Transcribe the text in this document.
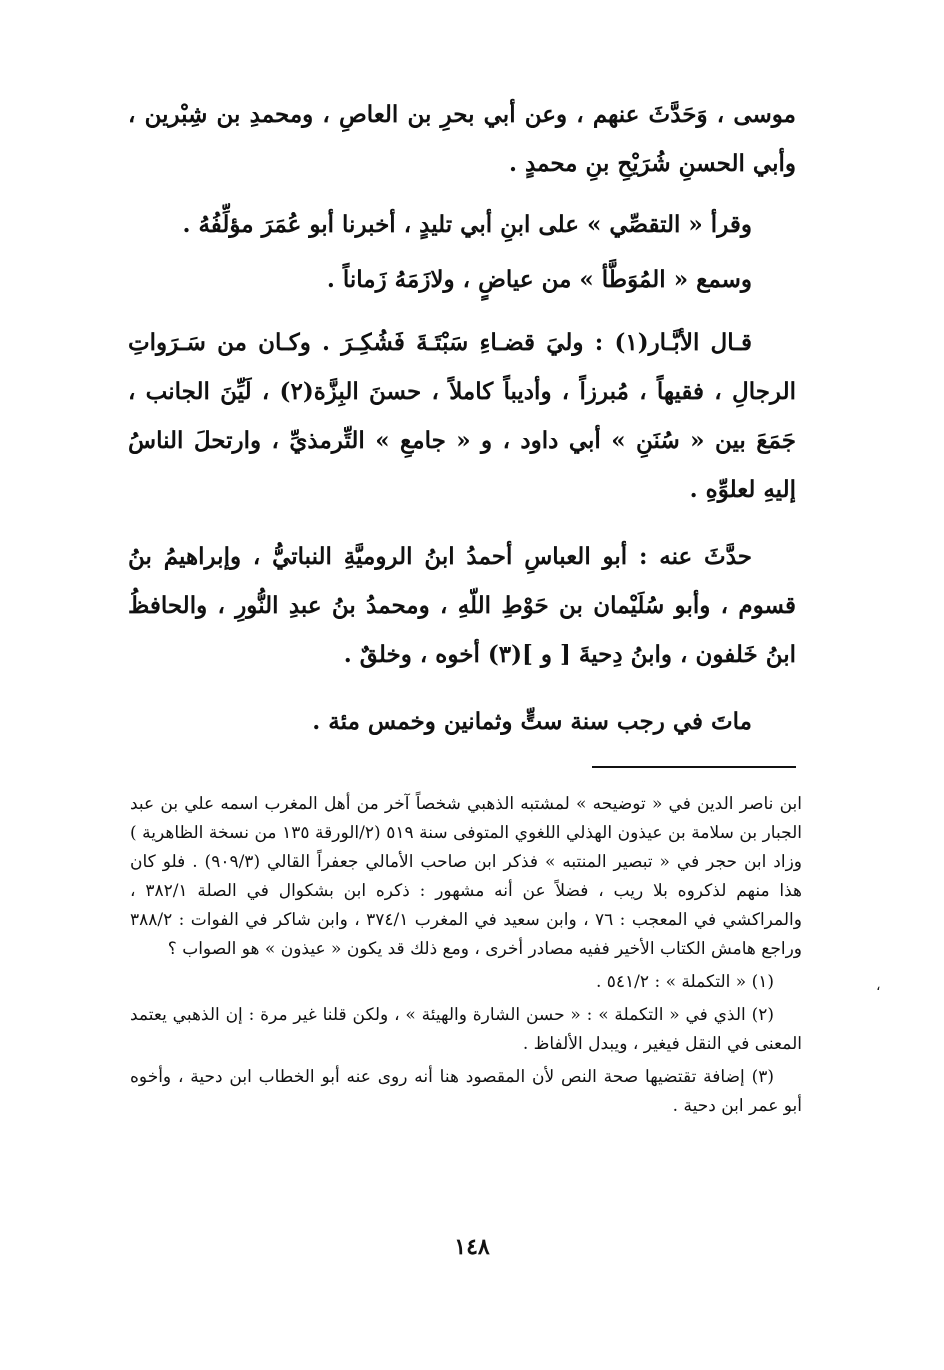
موسى ، وَحَدَّثَ عنهم ، وعن أبي بحرِ بن العاصِ ، ومحمدِ بن شِبْرين ، وأبي الحسنِ شُرَيْحِ بنِ محمدٍ .

وقرأ « التقصِّي » على ابنِ أبي تليدٍ ، أخبرنا أبو عُمَرَ مؤلِّفُهُ .

وسمع « المُوَطَّأ » من عياضٍ ، ولازَمَهُ زَماناً .

قـال الأبَّـار(١) : وليَ قضـاءِ سَبْتَـةَ فَشُكِـرَ . وكـان من سَـرَواتِ الرجالِ ، فقيهاً ، مُبرزاً ، وأديباً كاملاً ، حسنَ البِزَّة(٢) ، لَيِّنَ الجانب ، جَمَعَ بين « سُنَنِ » أبي داود ، و « جامعِ » التِّرمذيِّ ، وارتحلَ الناسُ إليهِ لعلوِّهِ .

حدَّثَ عنه : أبو العباسِ أحمدُ ابنُ الروميَّةِ النباتيُّ ، وإبراهيمُ بنُ قسوم ، وأبو سُلَيْمان بن حَوْطِ اللّهِ ، ومحمدُ بنُ عبدِ النُّورِ ، والحافظُ ابنُ خَلفون ، وابنُ دِحيةَ [ و ](٣) أخوه ، وخلقٌ .

ماتَ في رجب سنة ستٍّ وثمانين وخمس مئة .

ابن ناصر الدين في « توضيحه » لمشتبه الذهبي شخصاً آخر من أهل المغرب اسمه علي بن عبد الجبار بن سلامة بن عيذون الهذلي اللغوي المتوفى سنة ٥١٩ (٢/الورقة ١٣٥ من نسخة الظاهرية ) وزاد ابن حجر في « تبصير المنتبه » فذكر ابن صاحب الأمالي جعفراً القالي (٩٠٩/٣) . فلو كان هذا منهم لذكروه بلا ريب ، فضلاً عن أنه مشهور : ذكره ابن بشكوال في الصلة ٣٨٢/١ ، والمراكشي في المعجب : ٧٦ ، وابن سعيد في المغرب ٣٧٤/١ ، وابن شاكر في الفوات : ٣٨٨/٢ وراجع هامش الكتاب الأخير ففيه مصادر أخرى ، ومع ذلك قد يكون « عيذون » هو الصواب ؟

(١) « التكملة » : ٥٤١/٢ .

(٢) الذي في « التكملة » : « حسن الشارة والهيئة » ، ولكن قلنا غير مرة : إن الذهبي يعتمد المعنى في النقل فيغير ، ويبدل الألفاظ .

(٣) إضافة تقتضيها صحة النص لأن المقصود هنا أنه روى عنه أبو الخطاب ابن دحية ، وأخوه أبو عمر ابن دحية .

،
١٤٨
